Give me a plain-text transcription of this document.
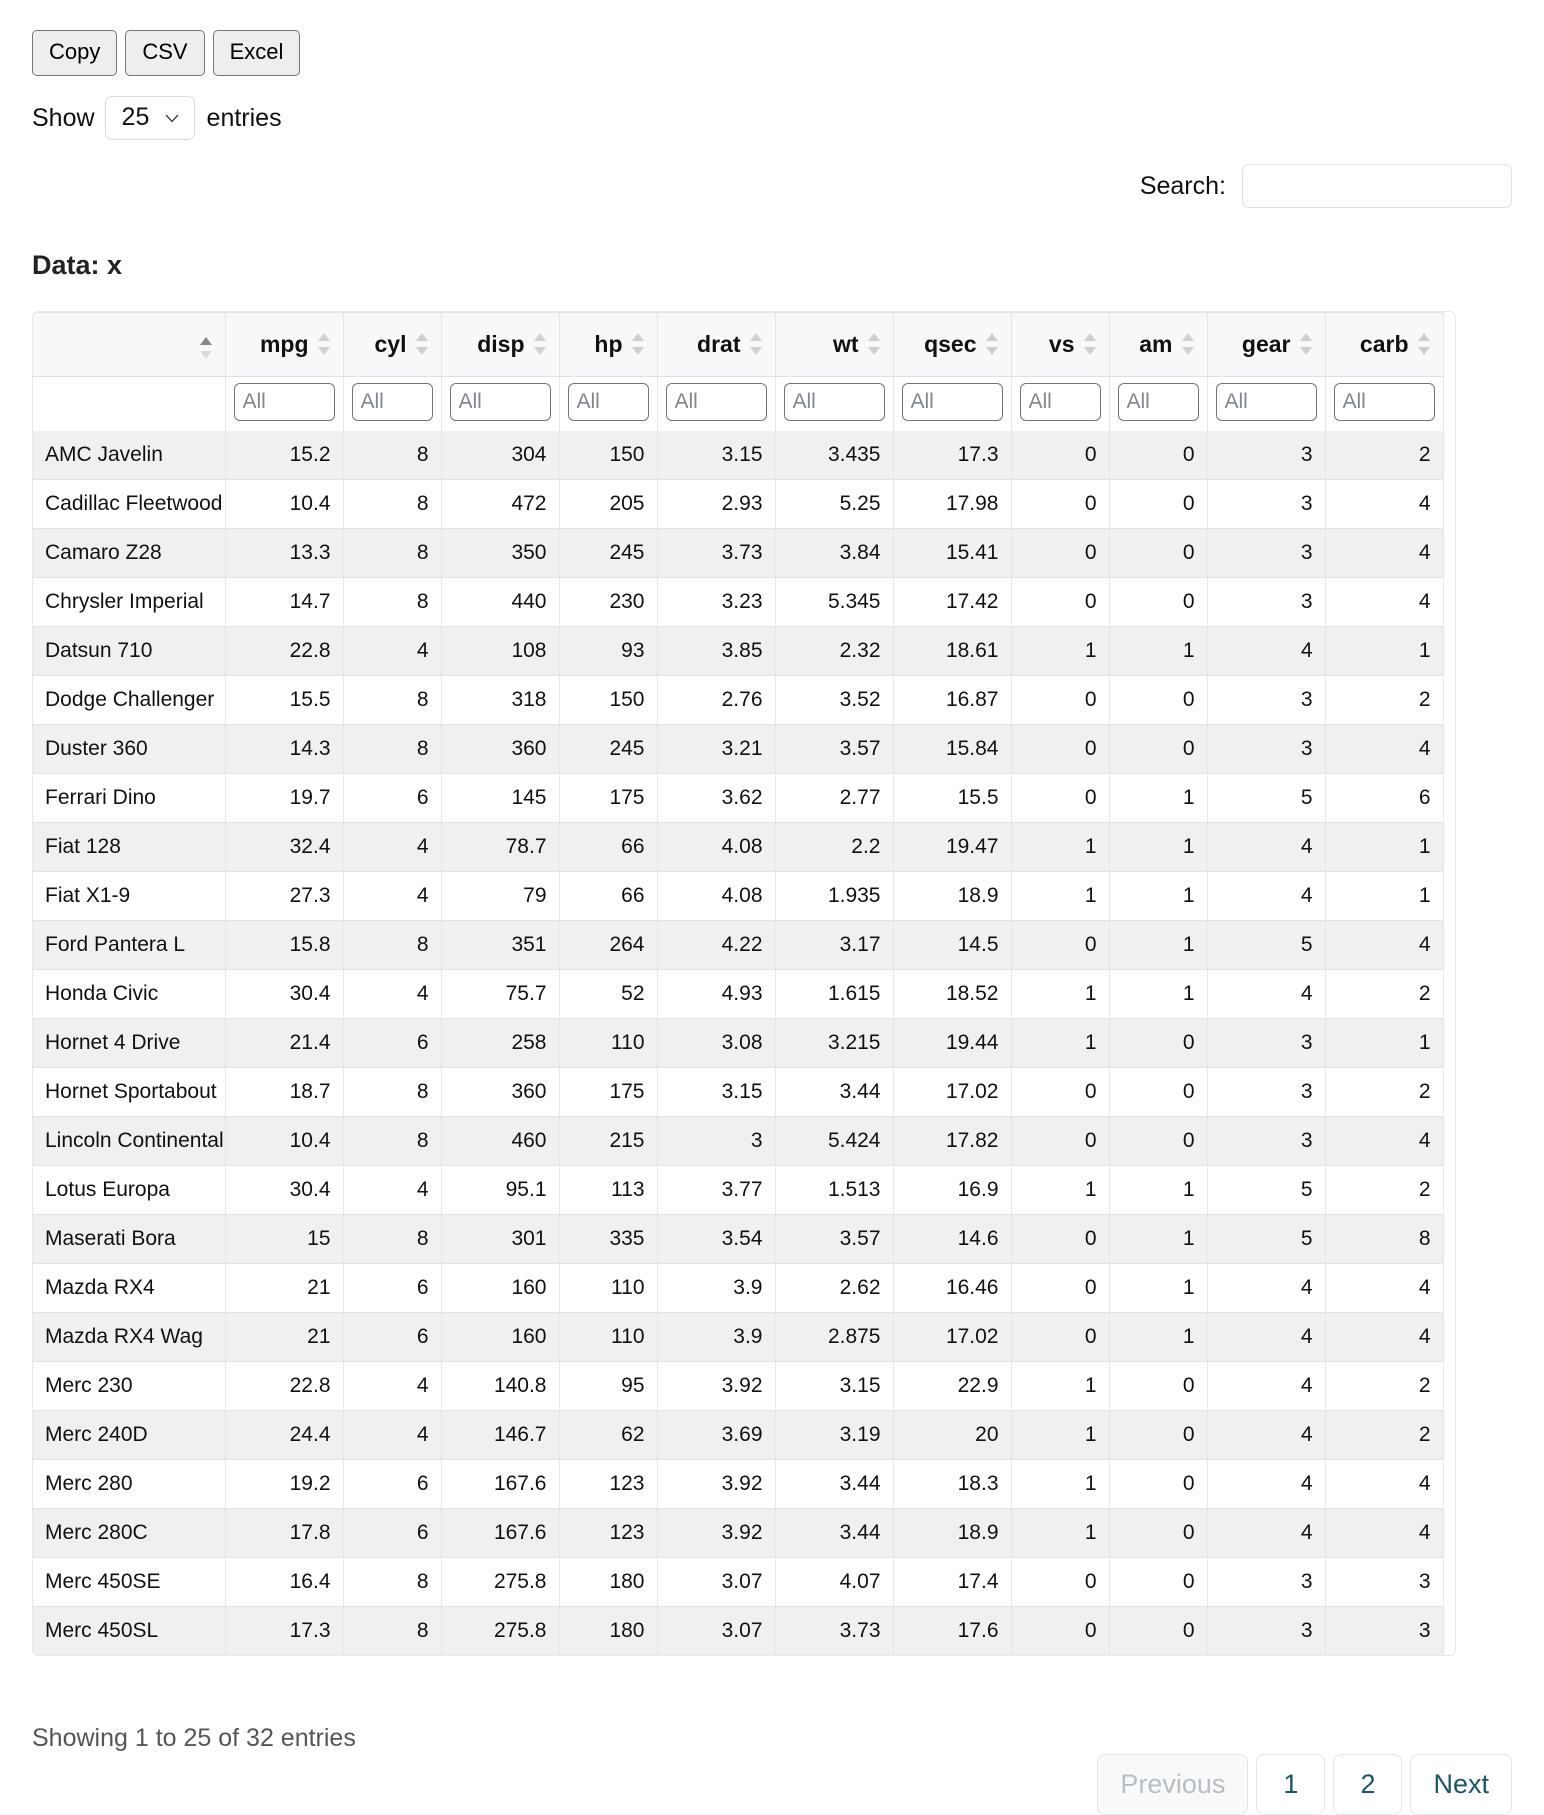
Copy	CSV	Excel
Show
25	entries
Search:
Data: x

	mpg	cyl	disp	hp	drat	wt	qsec	vs	am	gear	carb

	All	All	All	All	All	All	All	All	All	All	All
AMC Javelin	15.2	8	304	150	3.15	3.435	17.3	0	0	3	2
Cadillac Fleetwood	10.4	8	472	205	2.93	5.25	17.98	0	0	3	4
Camaro Z28	13.3	8	350	245	3.73	3.84	15.41	0	0	3	4
Chrysler Imperial	14.7	8	440	230	3.23	5.345	17.42	0	0	3	4
Datsun 710	22.8	4	108	93	3.85	2.32	18.61	1	1	4	1
Dodge Challenger	15.5	8	318	150	2.76	3.52	16.87	0	0	3	2
Duster 360	14.3	8	360	245	3.21	3.57	15.84	0	0	3	4
Ferrari Dino	19.7	6	145	175	3.62	2.77	15.5	0	1	5	6
Fiat 128	32.4	4	78.7	66	4.08	2.2	19.47	1	1	4	1
Fiat X1-9	27.3	4	79	66	4.08	1.935	18.9	1	1	4	1
Ford Pantera L	15.8	8	351	264	4.22	3.17	14.5	0	1	5	4
Honda Civic	30.4	4	75.7	52	4.93	1.615	18.52	1	1	4	2
Hornet 4 Drive	21.4	6	258	110	3.08	3.215	19.44	1	0	3	1
Hornet Sportabout	18.7	8	360	175	3.15	3.44	17.02	0	0	3	2
Lincoln Continental	10.4	8	460	215	3	5.424	17.82	0	0	3	4
Lotus Europa	30.4	4	95.1	113	3.77	1.513	16.9	1	1	5	2
Maserati Bora	15	8	301	335	3.54	3.57	14.6	0	1	5	8
Mazda RX4	21	6	160	110	3.9	2.62	16.46	0	1	4	4
Mazda RX4 Wag	21	6	160	110	3.9	2.875	17.02	0	1	4	4
Merc 230	22.8	4	140.8	95	3.92	3.15	22.9	1	0	4	2
Merc 240D	24.4	4	146.7	62	3.69	3.19	20	1	0	4	2
Merc 280	19.2	6	167.6	123	3.92	3.44	18.3	1	0	4	4
Merc 280C	17.8	6	167.6	123	3.92	3.44	18.9	1	0	4	4
Merc 450SE	16.4	8	275.8	180	3.07	4.07	17.4	0	0	3	3
Merc 450SL	17.3	8	275.8	180	3.07	3.73	17.6	0	0	3	3
Showing 1 to 25 of 32 entries
Previous	1	2	Next
